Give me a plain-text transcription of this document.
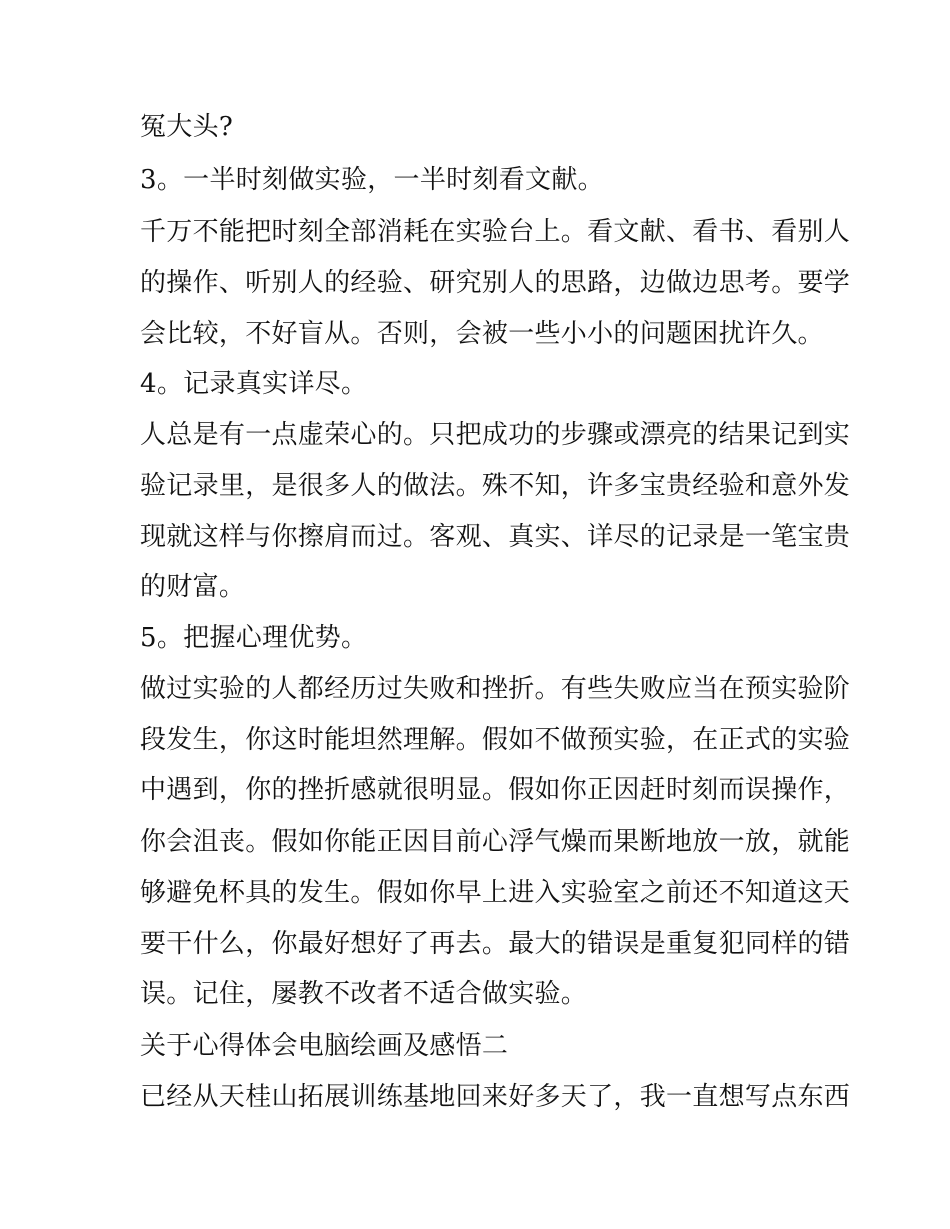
冤大头?
3。一半时刻做实验，一半时刻看文献。
千万不能把时刻全部消耗在实验台上。看文献、看书、看别人
的操作、听别人的经验、研究别人的思路，边做边思考。要学
会比较，不好盲从。否则，会被一些小小的问题困扰许久。
4。记录真实详尽。
人总是有一点虚荣心的。只把成功的步骤或漂亮的结果记到实
验记录里，是很多人的做法。殊不知，许多宝贵经验和意外发
现就这样与你擦肩而过。客观、真实、详尽的记录是一笔宝贵
的财富。
5。把握心理优势。
做过实验的人都经历过失败和挫折。有些失败应当在预实验阶
段发生，你这时能坦然理解。假如不做预实验，在正式的实验
中遇到，你的挫折感就很明显。假如你正因赶时刻而误操作，
你会沮丧。假如你能正因目前心浮气燥而果断地放一放，就能
够避免杯具的发生。假如你早上进入实验室之前还不知道这天
要干什么，你最好想好了再去。最大的错误是重复犯同样的错
误。记住，屡教不改者不适合做实验。
关于心得体会电脑绘画及感悟二
已经从天桂山拓展训练基地回来好多天了，我一直想写点东西
